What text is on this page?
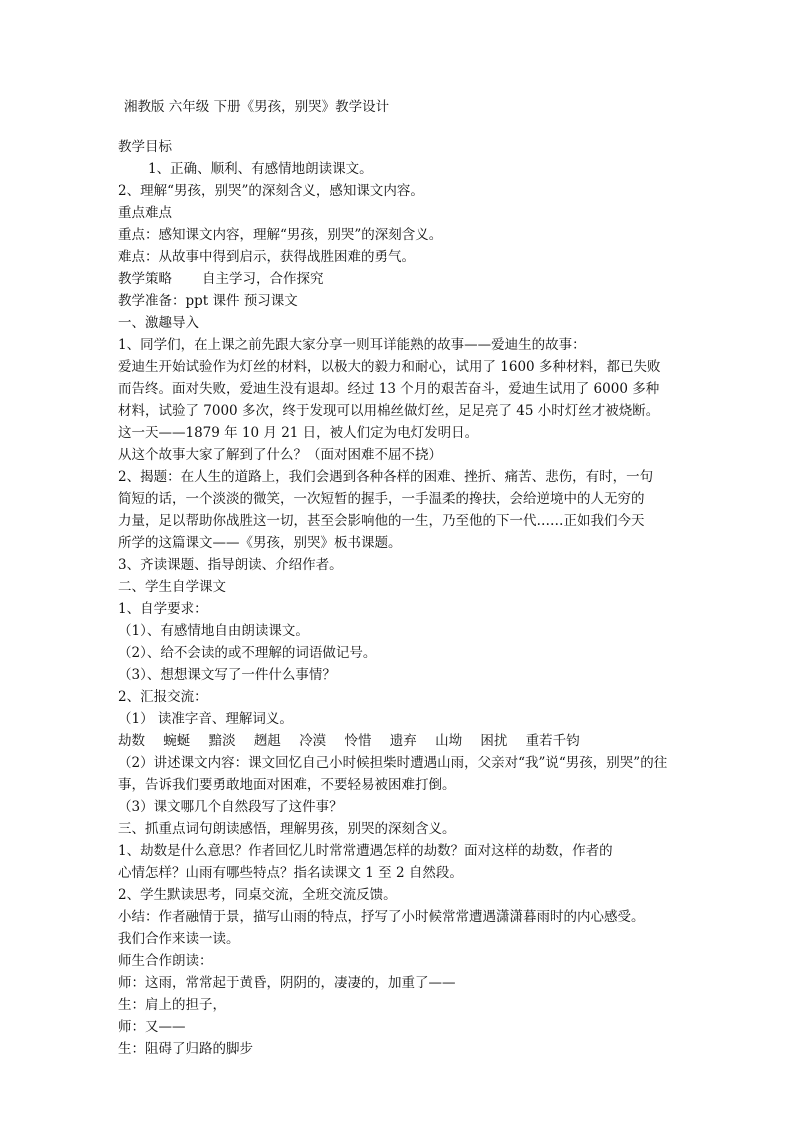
湘教版 六年级 下册《男孩，别哭》教学设计
教学目标
1、正确、顺利、有感情地朗读课文。
2、理解“男孩，别哭”的深刻含义，感知课文内容。
重点难点
重点：感知课文内容，理解“男孩，别哭”的深刻含义。
难点：从故事中得到启示，获得战胜困难的勇气。
教学策略 自主学习，合作探究
教学准备：ppt 课件 预习课文
一、激趣导入
1、同学们，在上课之前先跟大家分享一则耳详能熟的故事——爱迪生的故事：
爱迪生开始试验作为灯丝的材料，以极大的毅力和耐心，试用了 1600 多种材料，都已失败
而告终。面对失败，爱迪生没有退却。经过 13 个月的艰苦奋斗，爱迪生试用了 6000 多种
材料，试验了 7000 多次，终于发现可以用棉丝做灯丝，足足亮了 45 小时灯丝才被烧断。
这一天——1879 年 10 月 21 日，被人们定为电灯发明日。
从这个故事大家了解到了什么？（面对困难不屈不挠）
2、揭题：在人生的道路上，我们会遇到各种各样的困难、挫折、痛苦、悲伤，有时，一句
简短的话，一个淡淡的微笑，一次短暂的握手，一手温柔的搀扶，会给逆境中的人无穷的
力量，足以帮助你战胜这一切，甚至会影响他的一生，乃至他的下一代……正如我们今天
所学的这篇课文——《男孩，别哭》板书课题。
3、齐读课题、指导朗读、介绍作者。
二、学生自学课文
1、自学要求：
（1）、有感情地自由朗读课文。
（2）、给不会读的或不理解的词语做记号。
（3）、想想课文写了一件什么事情？
2、汇报交流：
（1） 读准字音、理解词义。
劫数 蜿蜒 黯淡 趔趄 冷漠 怜惜 遗弃 山坳 困扰 重若千钧
（2）讲述课文内容：课文回忆自己小时候担柴时遭遇山雨，父亲对“我”说“男孩，别哭”的往
事，告诉我们要勇敢地面对困难，不要轻易被困难打倒。
（3）课文哪几个自然段写了这件事？
三、抓重点词句朗读感悟，理解男孩，别哭的深刻含义。
1、劫数是什么意思？作者回忆儿时常常遭遇怎样的劫数？面对这样的劫数，作者的
心情怎样？山雨有哪些特点？指名读课文 1 至 2 自然段。
2、学生默读思考，同桌交流，全班交流反馈。
小结：作者融情于景，描写山雨的特点，抒写了小时候常常遭遇潇潇暮雨时的内心感受。
我们合作来读一读。
师生合作朗读：
师：这雨，常常起于黄昏，阴阴的，凄凄的，加重了——
生：肩上的担子，
师：又——
生：阻碍了归路的脚步
